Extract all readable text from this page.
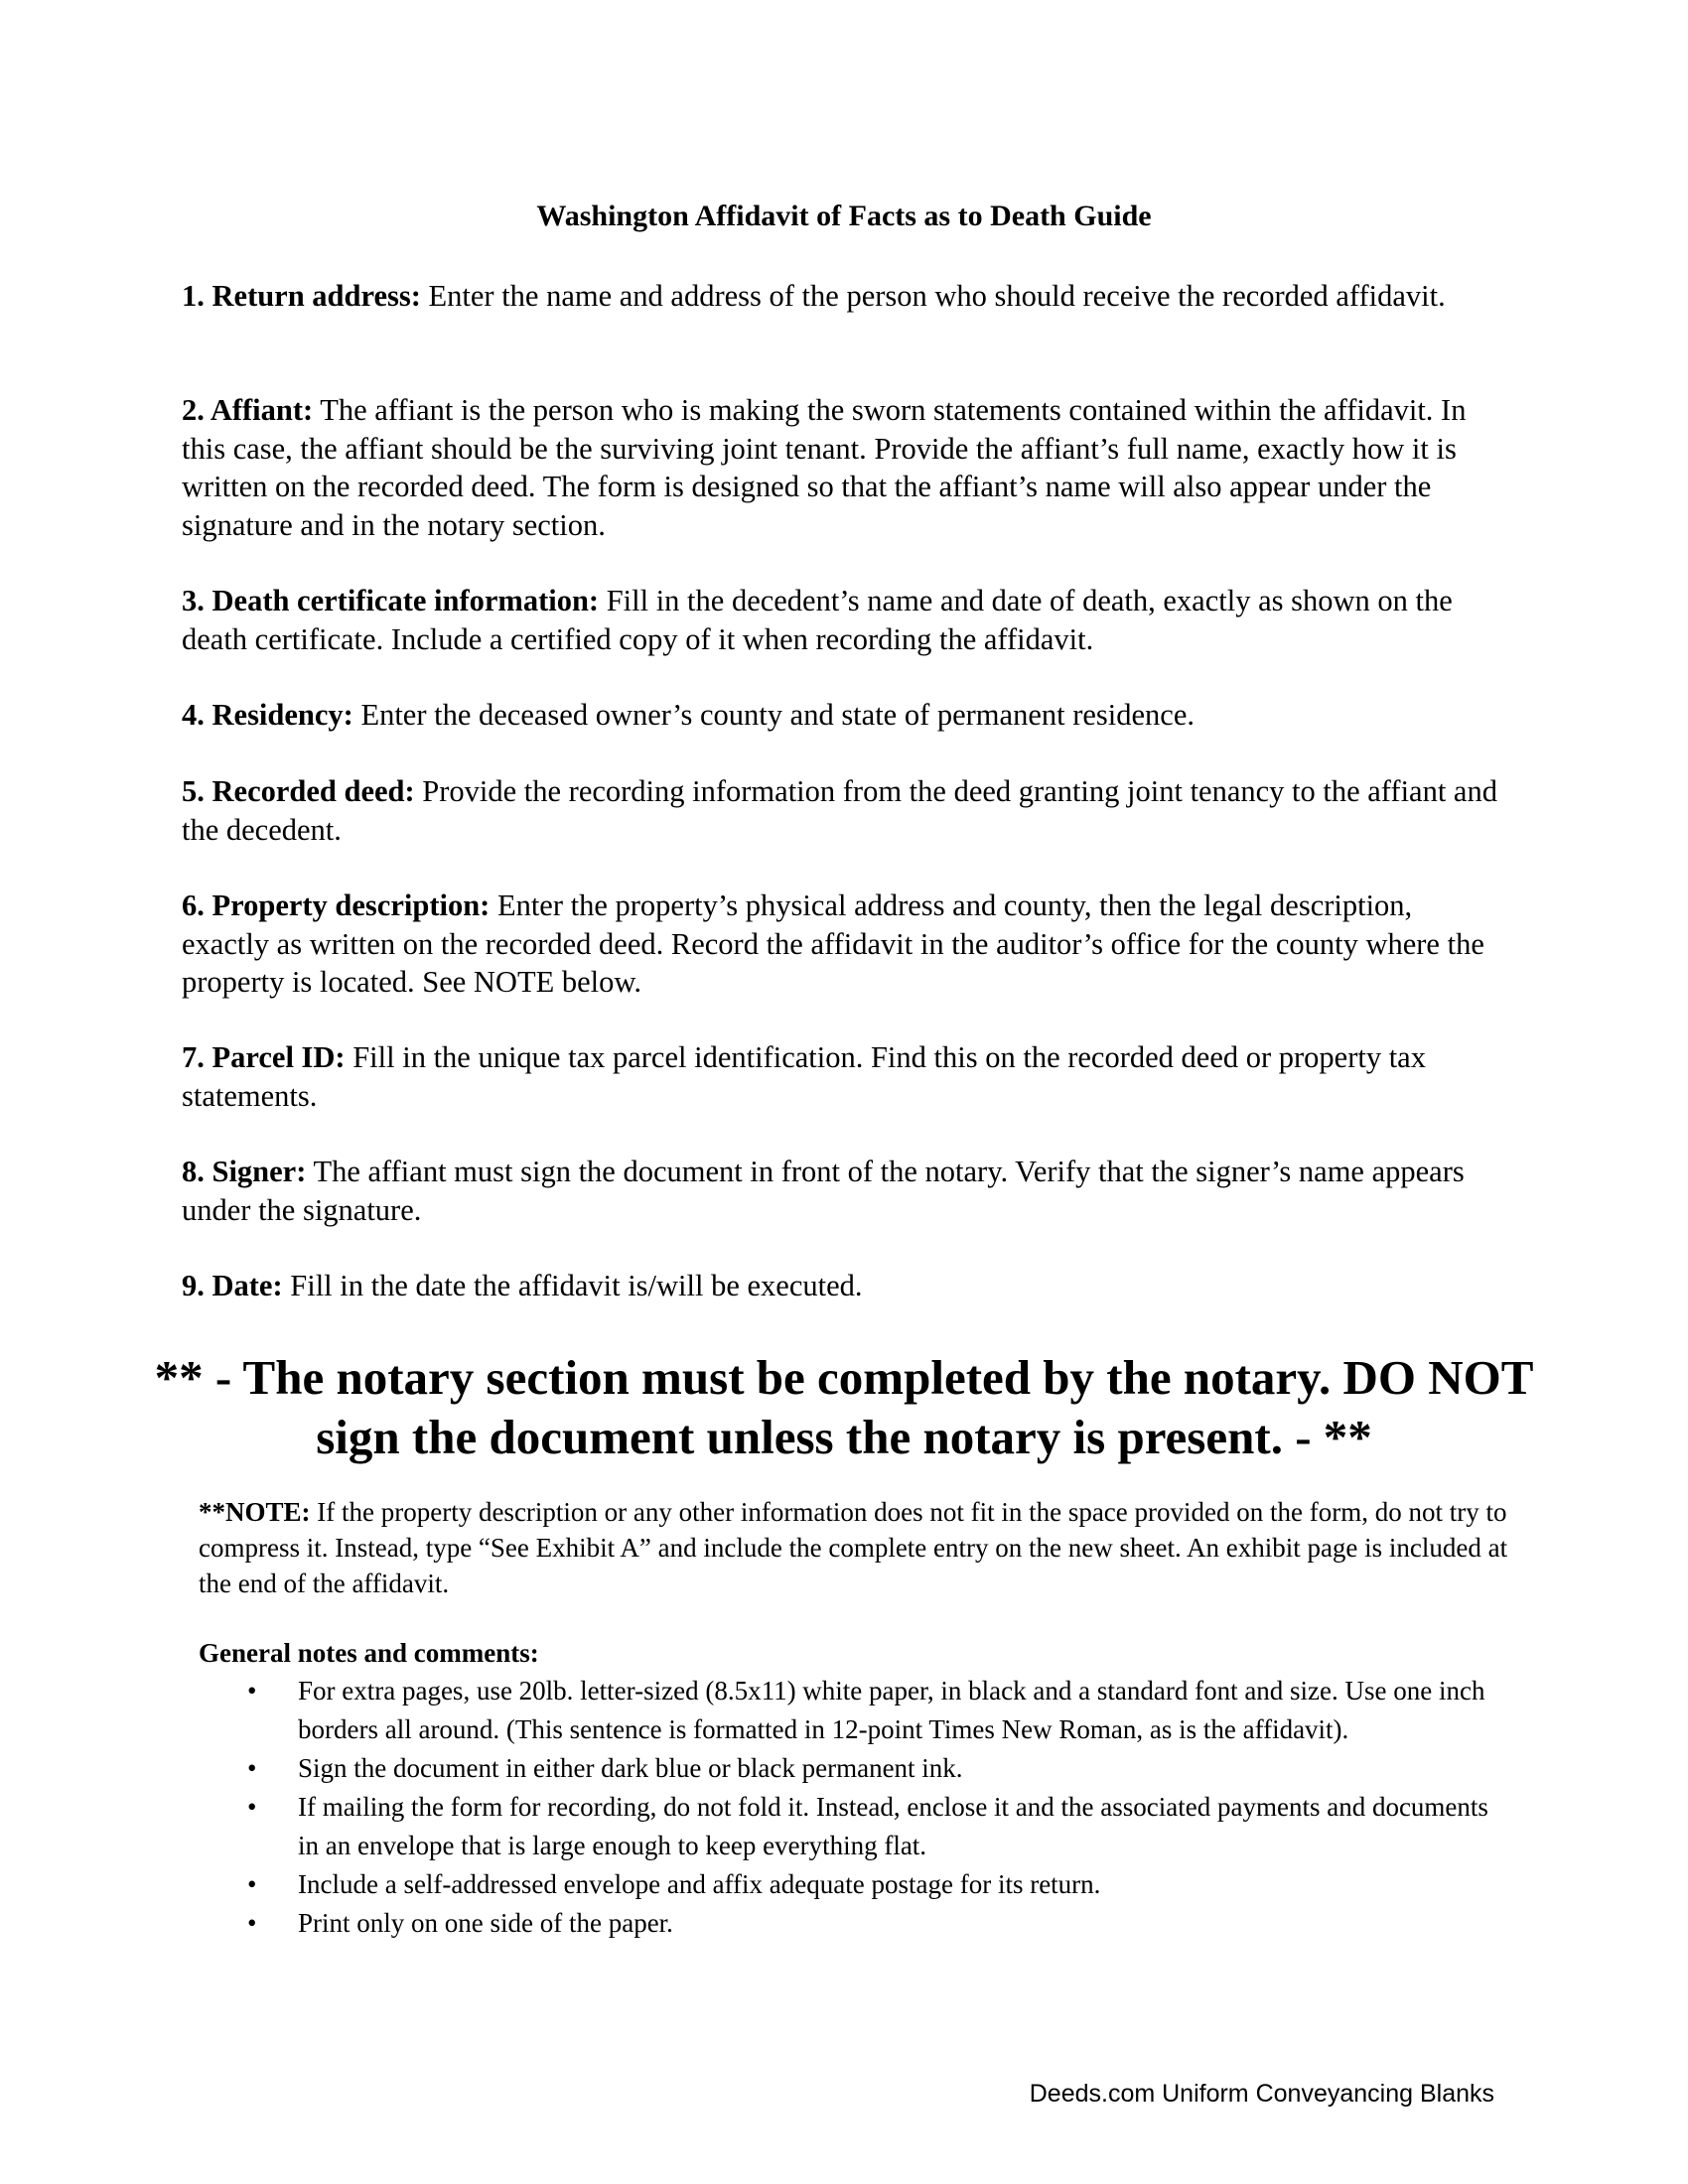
Washington Affidavit of Facts as to Death Guide
1. Return address: Enter the name and address of the person who should receive the recorded affidavit.
2. Affiant: The affiant is the person who is making the sworn statements contained within the affidavit. In this case, the affiant should be the surviving joint tenant. Provide the affiant’s full name, exactly how it is written on the recorded deed. The form is designed so that the affiant’s name will also appear under the signature and in the notary section.
3. Death certificate information: Fill in the decedent’s name and date of death, exactly as shown on the death certificate. Include a certified copy of it when recording the affidavit.
4. Residency: Enter the deceased owner’s county and state of permanent residence.
5. Recorded deed: Provide the recording information from the deed granting joint tenancy to the affiant and the decedent.
6. Property description: Enter the property’s physical address and county, then the legal description, exactly as written on the recorded deed. Record the affidavit in the auditor’s office for the county where the property is located. See NOTE below.
7. Parcel ID: Fill in the unique tax parcel identification. Find this on the recorded deed or property tax statements.
8. Signer: The affiant must sign the document in front of the notary. Verify that the signer’s name appears under the signature.
9. Date: Fill in the date the affidavit is/will be executed.
** - The notary section must be completed by the notary. DO NOT sign the document unless the notary is present. - **
**NOTE: If the property description or any other information does not fit in the space provided on the form, do not try to compress it. Instead, type “See Exhibit A” and include the complete entry on the new sheet. An exhibit page is included at the end of the affidavit.
General notes and comments:
• For extra pages, use 20lb. letter-sized (8.5x11) white paper, in black and a standard font and size. Use one inch borders all around. (This sentence is formatted in 12-point Times New Roman, as is the affidavit).
• Sign the document in either dark blue or black permanent ink.
• If mailing the form for recording, do not fold it. Instead, enclose it and the associated payments and documents in an envelope that is large enough to keep everything flat.
• Include a self-addressed envelope and affix adequate postage for its return.
• Print only on one side of the paper.
Deeds.com Uniform Conveyancing Blanks
